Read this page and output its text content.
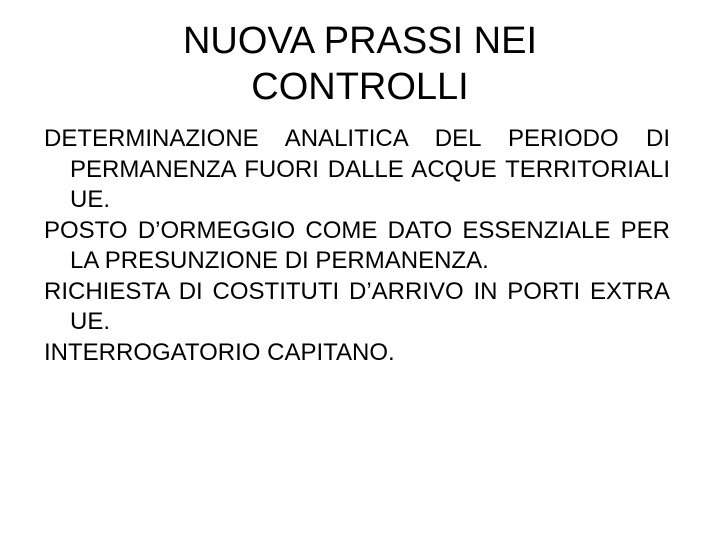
NUOVA PRASSI NEI
CONTROLLI

DETERMINAZIONE ANALITICA DEL PERIODO DI PERMANENZA FUORI DALLE ACQUE TERRITORIALI UE.

POSTO D’ORMEGGIO COME DATO ESSENZIALE PER LA PRESUNZIONE DI PERMANENZA.

RICHIESTA DI COSTITUTI D’ARRIVO IN PORTI EXTRA UE.

INTERROGATORIO CAPITANO.
